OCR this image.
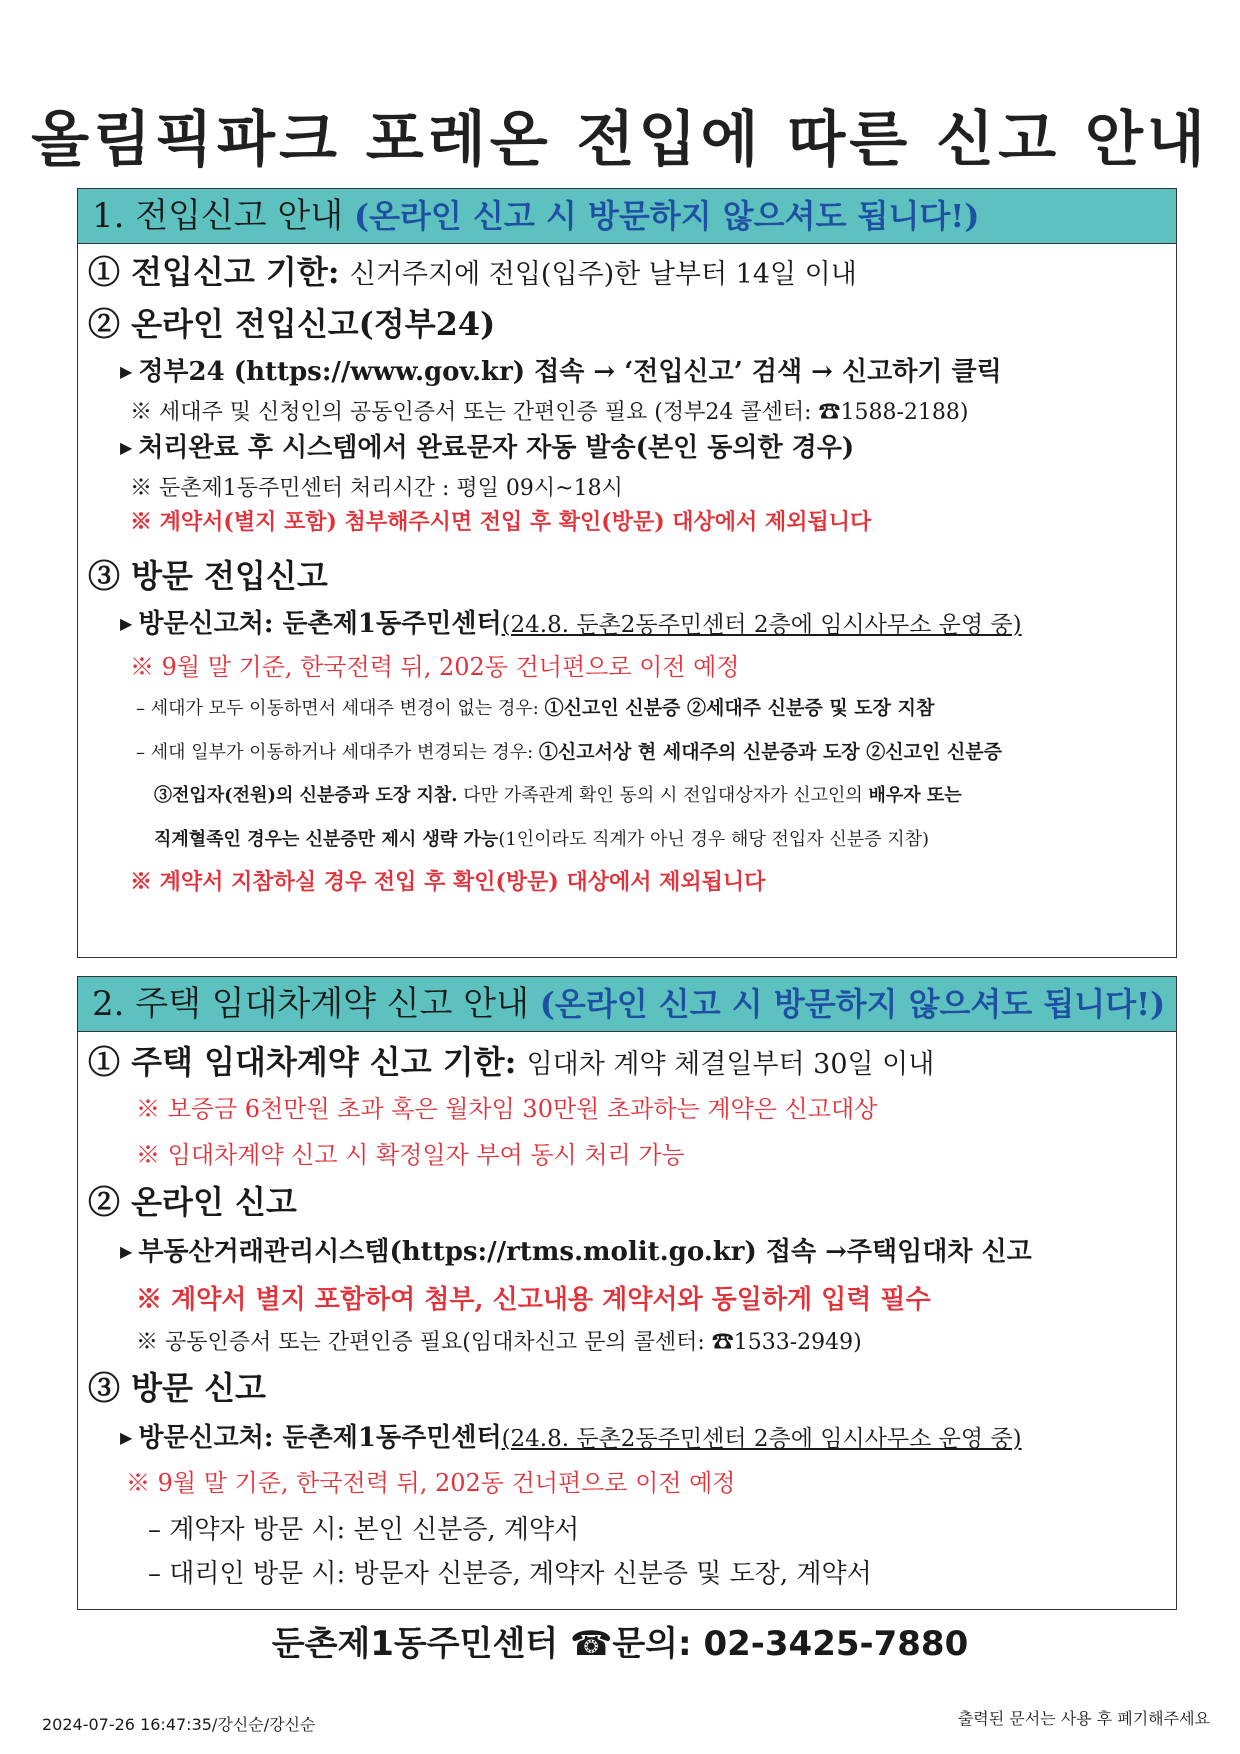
올림픽파크 포레온 전입에 따른 신고 안내
1. 전입신고 안내 (온라인 신고 시 방문하지 않으셔도 됩니다!)
① 전입신고 기한: 신거주지에 전입(입주)한 날부터 14일 이내
② 온라인 전입신고(정부24)
▶ 정부24 (https://www.gov.kr) 접속 → ‘전입신고’ 검색 → 신고하기 클릭
※ 세대주 및 신청인의 공동인증서 또는 간편인증 필요 (정부24 콜센터: ☎1588-2188)
▶ 처리완료 후 시스템에서 완료문자 자동 발송(본인 동의한 경우)
※ 둔촌제1동주민센터 처리시간 : 평일 09시~18시
※ 계약서(별지 포함) 첨부해주시면 전입 후 확인(방문) 대상에서 제외됩니다
③ 방문 전입신고
▶ 방문신고처: 둔촌제1동주민센터(24.8. 둔촌2동주민센터 2층에 임시사무소 운영 중)
※ 9월 말 기준, 한국전력 뒤, 202동 건너편으로 이전 예정
– 세대가 모두 이동하면서 세대주 변경이 없는 경우: ①신고인 신분증 ②세대주 신분증 및 도장 지참
– 세대 일부가 이동하거나 세대주가 변경되는 경우: ①신고서상 현 세대주의 신분증과 도장 ②신고인 신분증
③전입자(전원)의 신분증과 도장 지참. 다만 가족관계 확인 동의 시 전입대상자가 신고인의 배우자 또는
직계혈족인 경우는 신분증만 제시 생략 가능(1인이라도 직계가 아닌 경우 해당 전입자 신분증 지참)
※ 계약서 지참하실 경우 전입 후 확인(방문) 대상에서 제외됩니다
2. 주택 임대차계약 신고 안내 (온라인 신고 시 방문하지 않으셔도 됩니다!)
① 주택 임대차계약 신고 기한: 임대차 계약 체결일부터 30일 이내
※ 보증금 6천만원 초과 혹은 월차임 30만원 초과하는 계약은 신고대상
※ 임대차계약 신고 시 확정일자 부여 동시 처리 가능
② 온라인 신고
▶ 부동산거래관리시스템(https://rtms.molit.go.kr) 접속 →주택임대차 신고
※ 계약서 별지 포함하여 첨부, 신고내용 계약서와 동일하게 입력 필수
※ 공동인증서 또는 간편인증 필요(임대차신고 문의 콜센터: ☎1533-2949)
③ 방문 신고
▶ 방문신고처: 둔촌제1동주민센터(24.8. 둔촌2동주민센터 2층에 임시사무소 운영 중)
※ 9월 말 기준, 한국전력 뒤, 202동 건너편으로 이전 예정
– 계약자 방문 시: 본인 신분증, 계약서
– 대리인 방문 시: 방문자 신분증, 계약자 신분증 및 도장, 계약서
둔촌제1동주민센터 ☎문의: 02-3425-7880
2024-07-26 16:47:35/강신순/강신순	출력된 문서는 사용 후 폐기해주세요
